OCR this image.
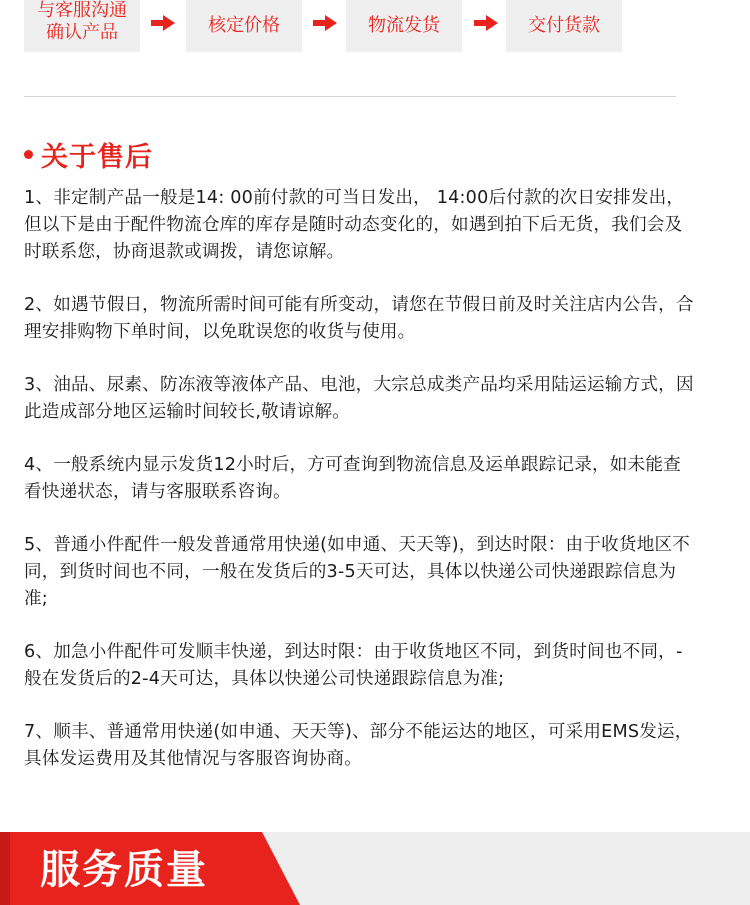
与客服沟通
确认产品	核定价格	物流发货	交付货款
关于售后

1、非定制产品一般是14: 00前付款的可当日发出， 14:00后付款的次日安排发出，但以下是由于配件物流仓库的库存是随时动态变化的，如遇到拍下后无货，我们会及时联系您，协商退款或调拨，请您谅解。

2、如遇节假日，物流所需时间可能有所变动，请您在节假日前及时关注店内公告，合理安排购物下单时间，以免耽误您的收货与使用。

3、油品、尿素、防冻液等液体产品、电池，大宗总成类产品均采用陆运运输方式，因此造成部分地区运输时间较长,敬请谅解。

4、一般系统内显示发货12小时后，方可查询到物流信息及运单跟踪记录，如未能查看快递状态，请与客服联系咨询。

5、普通小件配件一般发普通常用快递(如申通、天天等)，到达时限：由于收货地区不同，到货时间也不同，一般在发货后的3-5天可达，具体以快递公司快递跟踪信息为准;

6、加急小件配件可发顺丰快递，到达时限：由于收货地区不同，到货时间也不同，-般在发货后的2-4天可达，具体以快递公司快递跟踪信息为准;

7、顺丰、普通常用快递(如申通、天天等)、部分不能运达的地区，可采用EMS发运，具体发运费用及其他情况与客服咨询协商。

服务质量
